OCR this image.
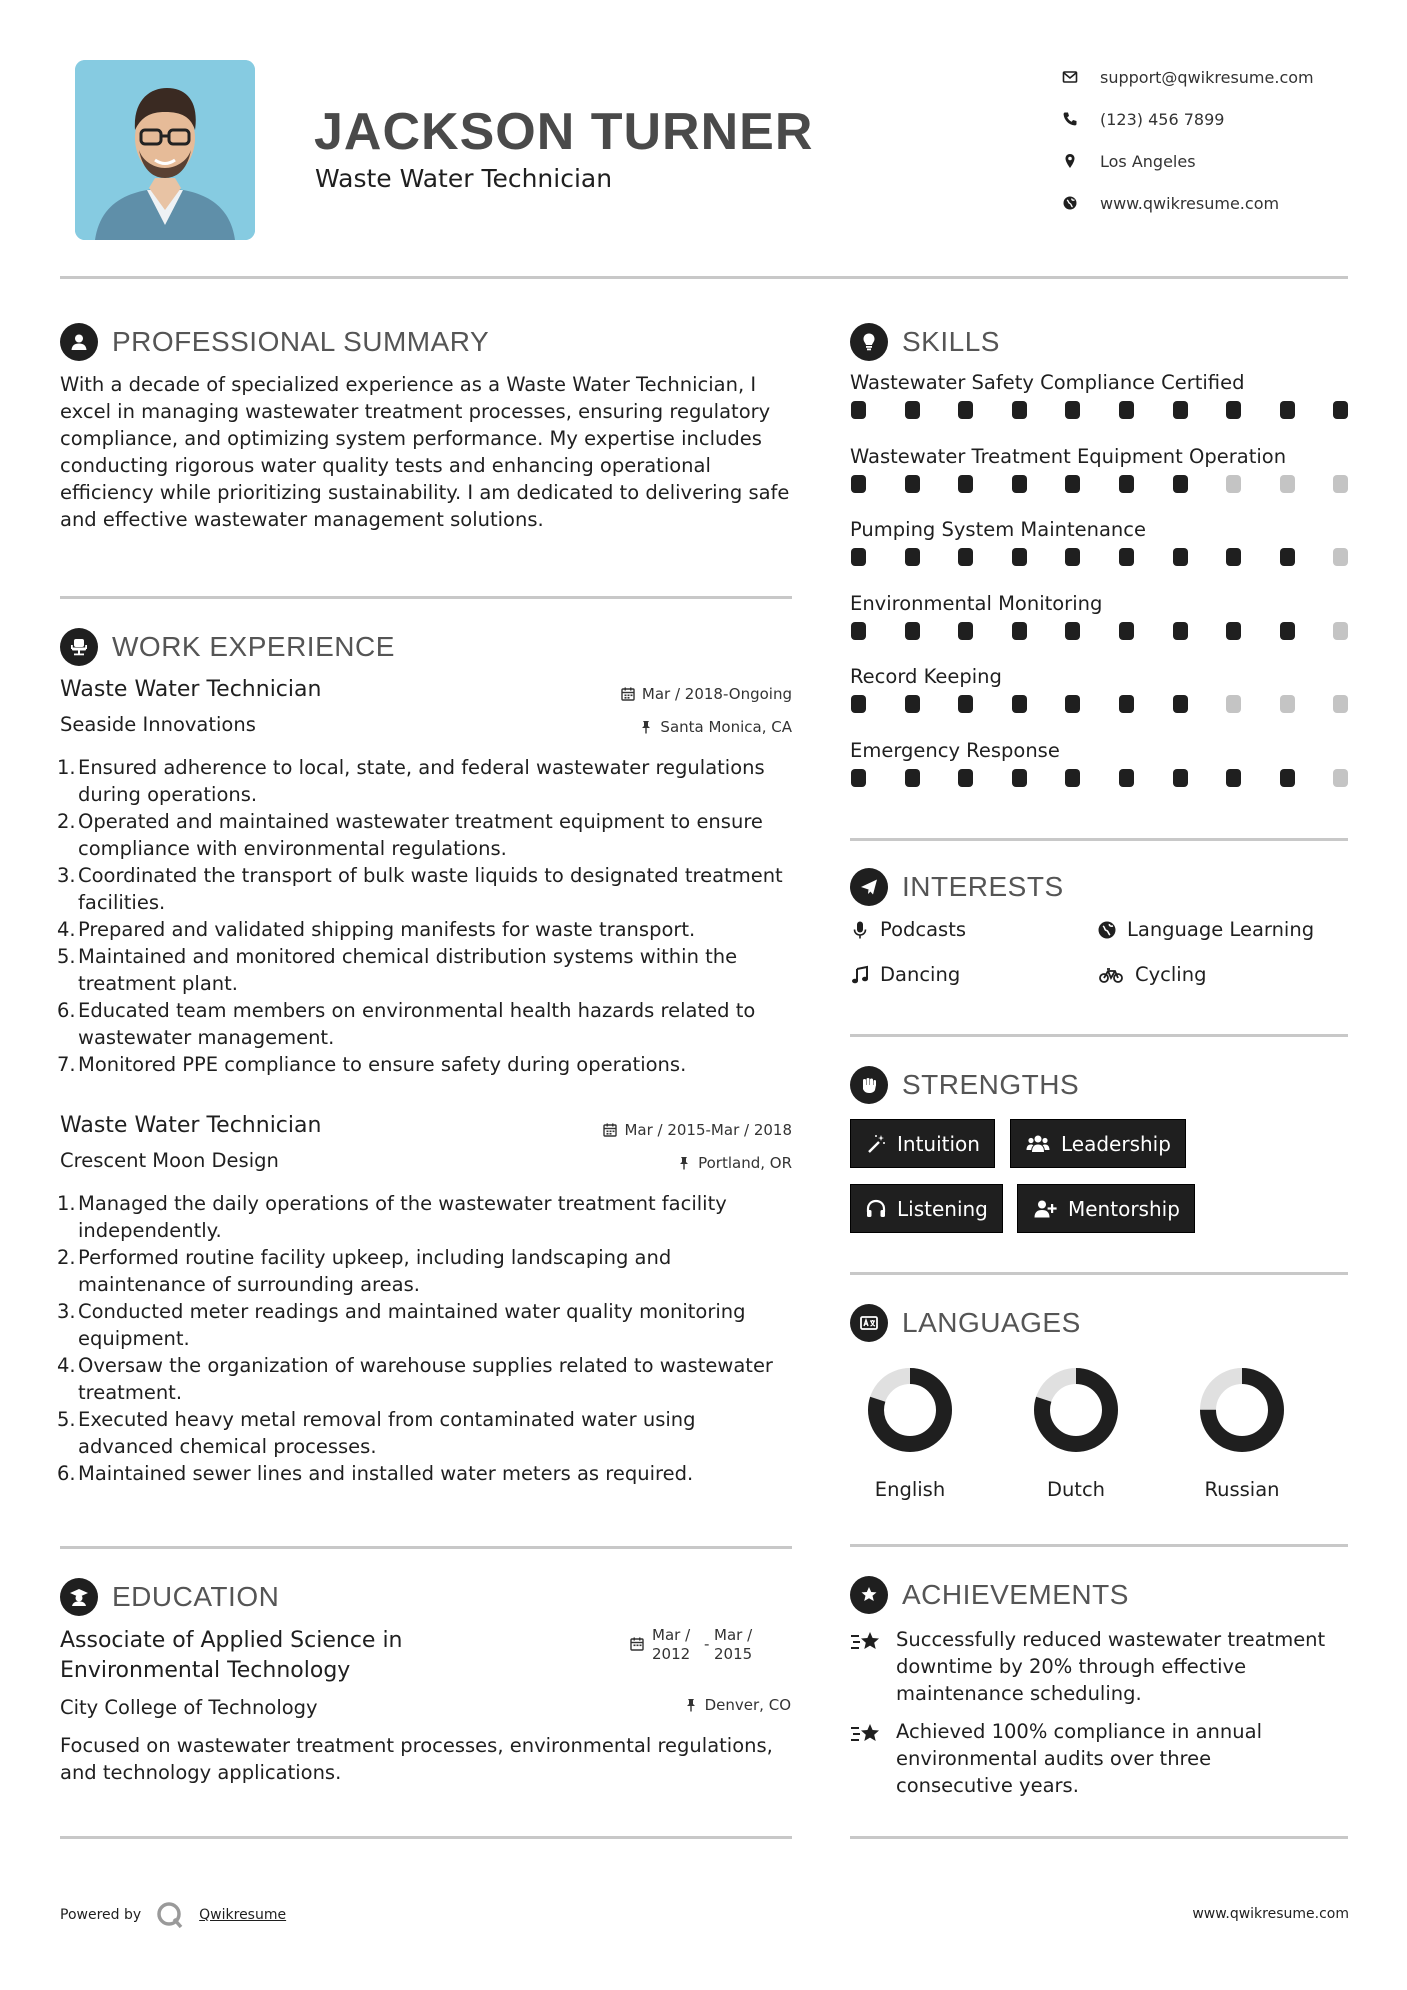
JACKSON TURNER
Waste Water Technician
support@qwikresume.com
(123) 456 7899
Los Angeles
www.qwikresume.com
PROFESSIONAL SUMMARY
With a decade of specialized experience as a Waste Water Technician, I excel in managing wastewater treatment processes, ensuring regulatory compliance, and optimizing system performance. My expertise includes conducting rigorous water quality tests and enhancing operational efficiency while prioritizing sustainability. I am dedicated to delivering safe and effective wastewater management solutions.
WORK EXPERIENCE
Waste Water Technician	Mar / 2018-Ongoing
Seaside Innovations	Santa Monica, CA
1. Ensured adherence to local, state, and federal wastewater regulations during operations.
2. Operated and maintained wastewater treatment equipment to ensure compliance with environmental regulations.
3. Coordinated the transport of bulk waste liquids to designated treatment facilities.
4. Prepared and validated shipping manifests for waste transport.
5. Maintained and monitored chemical distribution systems within the treatment plant.
6. Educated team members on environmental health hazards related to wastewater management.
7. Monitored PPE compliance to ensure safety during operations.
Waste Water Technician	Mar / 2015-Mar / 2018
Crescent Moon Design	Portland, OR
1. Managed the daily operations of the wastewater treatment facility independently.
2. Performed routine facility upkeep, including landscaping and maintenance of surrounding areas.
3. Conducted meter readings and maintained water quality monitoring equipment.
4. Oversaw the organization of warehouse supplies related to wastewater treatment.
5. Executed heavy metal removal from contaminated water using advanced chemical processes.
6. Maintained sewer lines and installed water meters as required.
EDUCATION
Associate of Applied Science in Environmental Technology
Mar / 2012
- Mar / 2015
City College of Technology	Denver, CO
Focused on wastewater treatment processes, environmental regulations, and technology applications.
SKILLS
Wastewater Safety Compliance Certified
Wastewater Treatment Equipment Operation
Pumping System Maintenance
Environmental Monitoring
Record Keeping
Emergency Response
INTERESTS
Podcasts	Language Learning
Dancing	Cycling
STRENGTHS
Intuition	Leadership
Listening	Mentorship
LANGUAGES
English	Dutch	Russian
ACHIEVEMENTS
Successfully reduced wastewater treatment downtime by 20% through effective maintenance scheduling.
Achieved 100% compliance in annual environmental audits over three consecutive years.
Powered by	Qwikresume	www.qwikresume.com
